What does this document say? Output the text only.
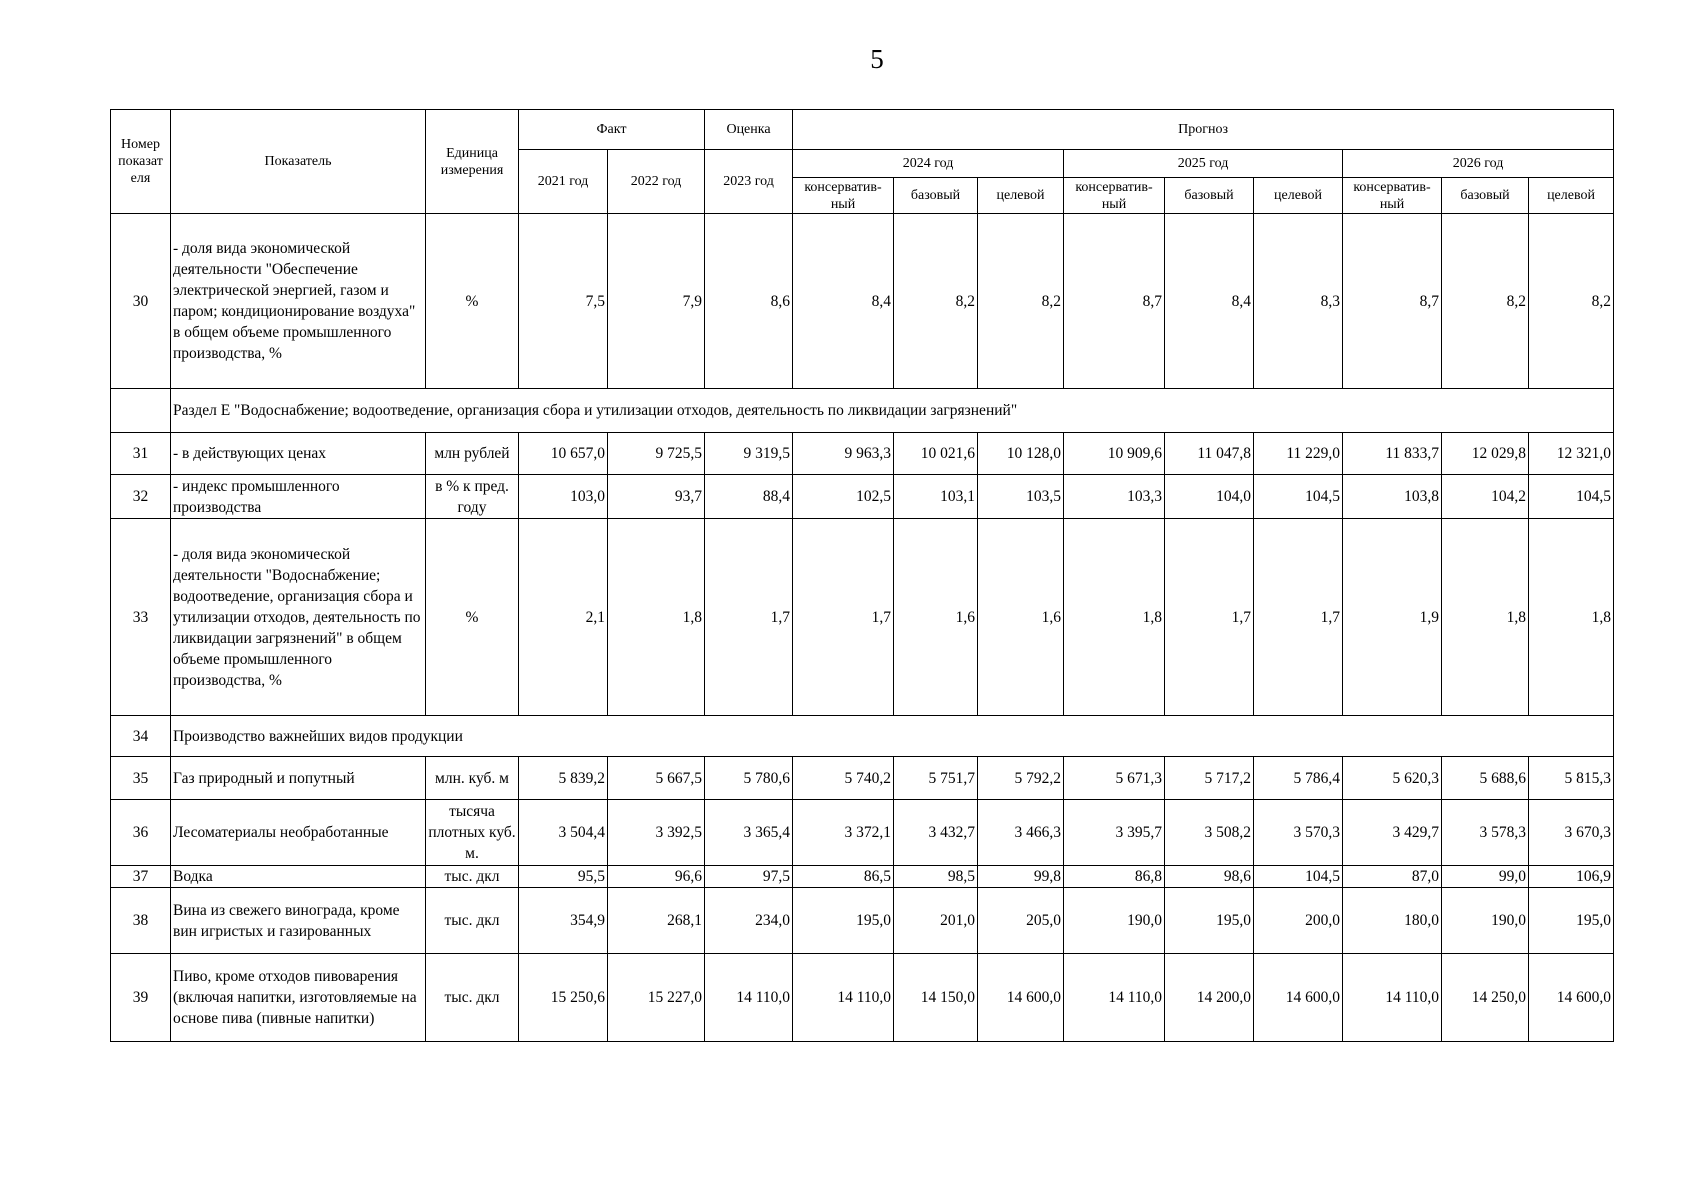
5
Номер показат еля	Показатель	Единица измерения	Факт		Оценка	Прогноз								
			2021 год	2022 год	2023 год	2024 год			2025 год			2026 год		
						консерватив-ный	базовый	целевой	консерватив-ный	базовый	целевой	консерватив-ный	базовый	целевой
30	- доля вида экономической деятельности "Обеспечение электрической энергией, газом и паром; кондиционирование воздуха" в общем объеме промышленного производства, %	%	7,5	7,9	8,6	8,4	8,2	8,2	8,7	8,4	8,3	8,7	8,2	8,2
	Раздел E "Водоснабжение; водоотведение, организация сбора и утилизации отходов, деятельность по ликвидации загрязнений"													
31	- в действующих ценах	млн рублей	10 657,0	9 725,5	9 319,5	9 963,3	10 021,6	10 128,0	10 909,6	11 047,8	11 229,0	11 833,7	12 029,8	12 321,0
32	- индекс промышленного производства	в % к пред. году	103,0	93,7	88,4	102,5	103,1	103,5	103,3	104,0	104,5	103,8	104,2	104,5
33	- доля вида экономической деятельности "Водоснабжение; водоотведение, организация сбора и утилизации отходов, деятельность по ликвидации загрязнений" в общем объеме промышленного производства, %	%	2,1	1,8	1,7	1,7	1,6	1,6	1,8	1,7	1,7	1,9	1,8	1,8
34	Производство важнейших видов продукции													
35	Газ природный и попутный	млн. куб. м	5 839,2	5 667,5	5 780,6	5 740,2	5 751,7	5 792,2	5 671,3	5 717,2	5 786,4	5 620,3	5 688,6	5 815,3
36	Лесоматериалы необработанные	тысяча плотных куб. м.	3 504,4	3 392,5	3 365,4	3 372,1	3 432,7	3 466,3	3 395,7	3 508,2	3 570,3	3 429,7	3 578,3	3 670,3
37	Водка	тыс. дкл	95,5	96,6	97,5	86,5	98,5	99,8	86,8	98,6	104,5	87,0	99,0	106,9
38	Вина из свежего винограда, кроме вин игристых и газированных	тыс. дкл	354,9	268,1	234,0	195,0	201,0	205,0	190,0	195,0	200,0	180,0	190,0	195,0
39	Пиво, кроме отходов пивоварения (включая напитки, изготовляемые на основе пива (пивные напитки)	тыс. дкл	15 250,6	15 227,0	14 110,0	14 110,0	14 150,0	14 600,0	14 110,0	14 200,0	14 600,0	14 110,0	14 250,0	14 600,0
